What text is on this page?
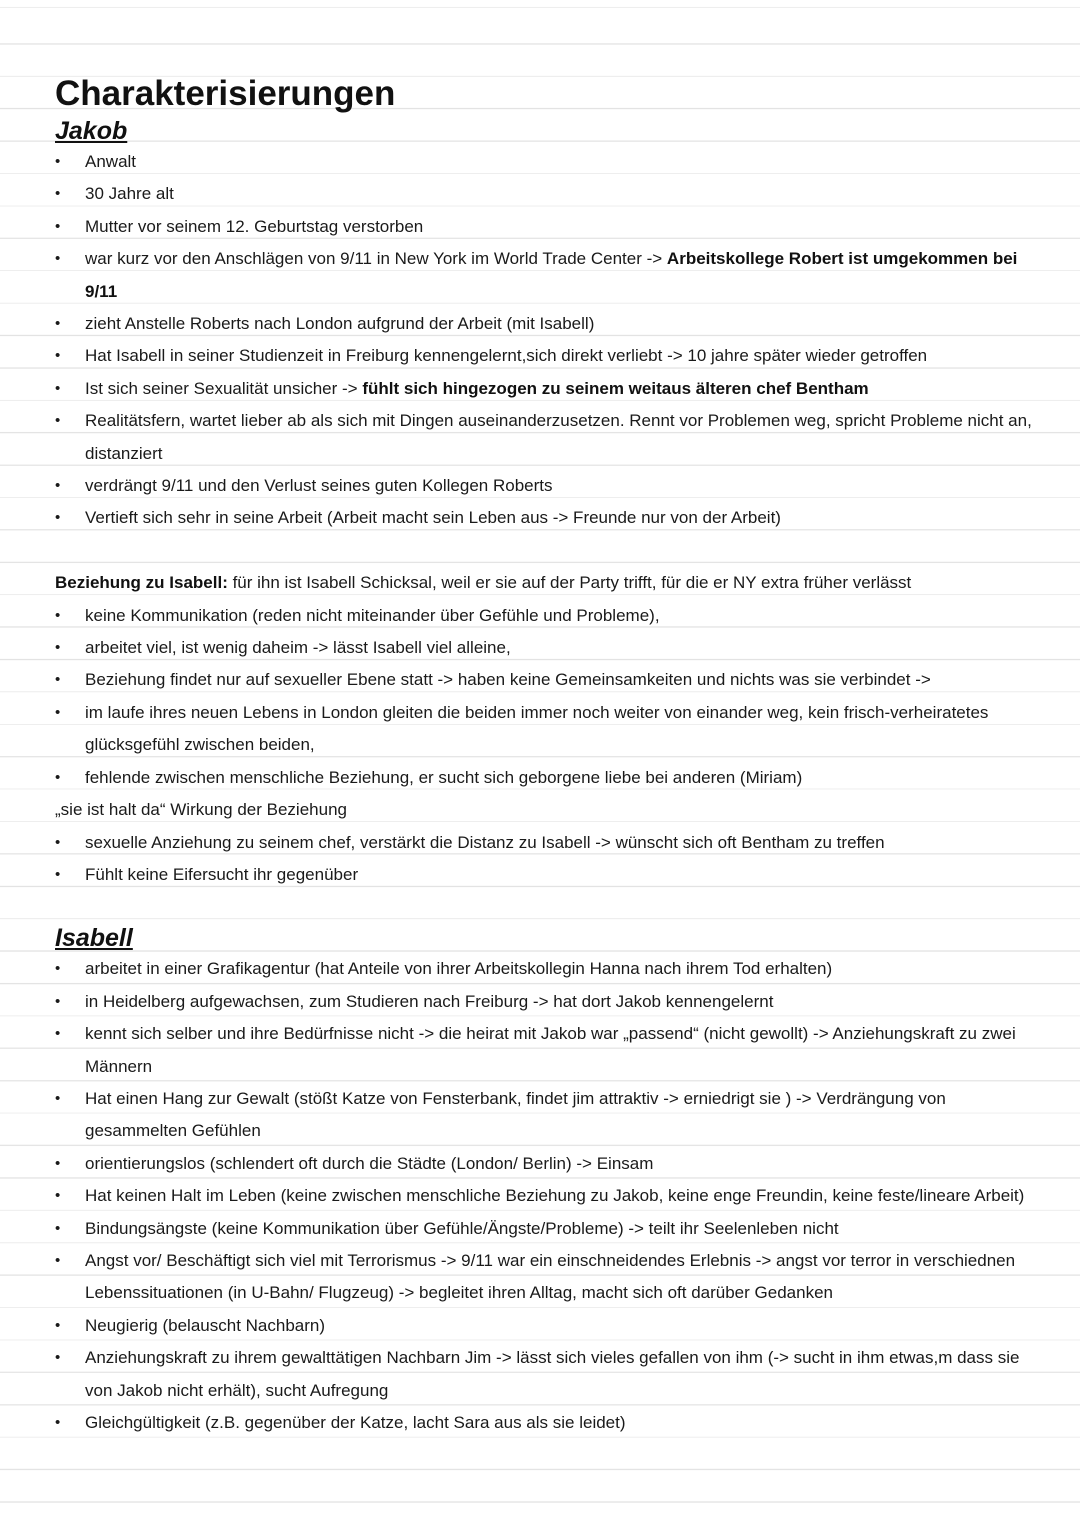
Charakterisierungen
Jakob
• Anwalt
• 30 Jahre alt
• Mutter vor seinem 12. Geburtstag verstorben
• war kurz vor den Anschlägen von 9/11 in New York im World Trade Center -> Arbeitskollege Robert ist umgekommen bei 9/11
• zieht Anstelle Roberts nach London aufgrund der Arbeit (mit Isabell)
• Hat Isabell in seiner Studienzeit in Freiburg kennengelernt,sich direkt verliebt -> 10 jahre später wieder getroffen
• Ist sich seiner Sexualität unsicher -> fühlt sich hingezogen zu seinem weitaus älteren chef Bentham
• Realitätsfern, wartet lieber ab als sich mit Dingen auseinanderzusetzen. Rennt vor Problemen weg, spricht Probleme nicht an, distanziert
• verdrängt 9/11 und den Verlust seines guten Kollegen Roberts
• Vertieft sich sehr in seine Arbeit (Arbeit macht sein Leben aus -> Freunde nur von der Arbeit)

Beziehung zu Isabell: für ihn ist Isabell Schicksal, weil er sie auf der Party trifft, für die er NY extra früher verlässt

• keine Kommunikation (reden nicht miteinander über Gefühle und Probleme),
• arbeitet viel, ist wenig daheim -> lässt Isabell viel alleine,
• Beziehung findet nur auf sexueller Ebene statt -> haben keine Gemeinsamkeiten und nichts was sie verbindet ->
• im laufe ihres neuen Lebens in London gleiten die beiden immer noch weiter von einander weg, kein frisch-verheiratetes glücksgefühl zwischen beiden,
• fehlende zwischen menschliche Beziehung, er sucht sich geborgene liebe bei anderen (Miriam)

„sie ist halt da“ Wirkung der Beziehung

• sexuelle Anziehung zu seinem chef, verstärkt die Distanz zu Isabell -> wünscht sich oft Bentham zu treffen
• Fühlt keine Eifersucht ihr gegenüber
Isabell
• arbeitet in einer Grafikagentur (hat Anteile von ihrer Arbeitskollegin Hanna nach ihrem Tod erhalten)
• in Heidelberg aufgewachsen, zum Studieren nach Freiburg -> hat dort Jakob kennengelernt
• kennt sich selber und ihre Bedürfnisse nicht -> die heirat mit Jakob war „passend“ (nicht gewollt) -> Anziehungskraft zu zwei Männern
• Hat einen Hang zur Gewalt (stößt Katze von Fensterbank, findet jim attraktiv -> erniedrigt sie ) -> Verdrängung von gesammelten Gefühlen
• orientierungslos (schlendert oft durch die Städte (London/ Berlin) -> Einsam
• Hat keinen Halt im Leben (keine zwischen menschliche Beziehung zu Jakob, keine enge Freundin, keine feste/lineare Arbeit)
• Bindungsängste (keine Kommunikation über Gefühle/Ängste/Probleme) -> teilt ihr Seelenleben nicht
• Angst vor/ Beschäftigt sich viel mit Terrorismus -> 9/11 war ein einschneidendes Erlebnis -> angst vor terror in verschiednen Lebenssituationen (in U-Bahn/ Flugzeug) -> begleitet ihren Alltag, macht sich oft darüber Gedanken
• Neugierig (belauscht Nachbarn)
• Anziehungskraft zu ihrem gewalttätigen Nachbarn Jim -> lässt sich vieles gefallen von ihm (-> sucht in ihm etwas,m dass sie von Jakob nicht erhält), sucht Aufregung
• Gleichgültigkeit (z.B. gegenüber der Katze, lacht Sara aus als sie leidet)
